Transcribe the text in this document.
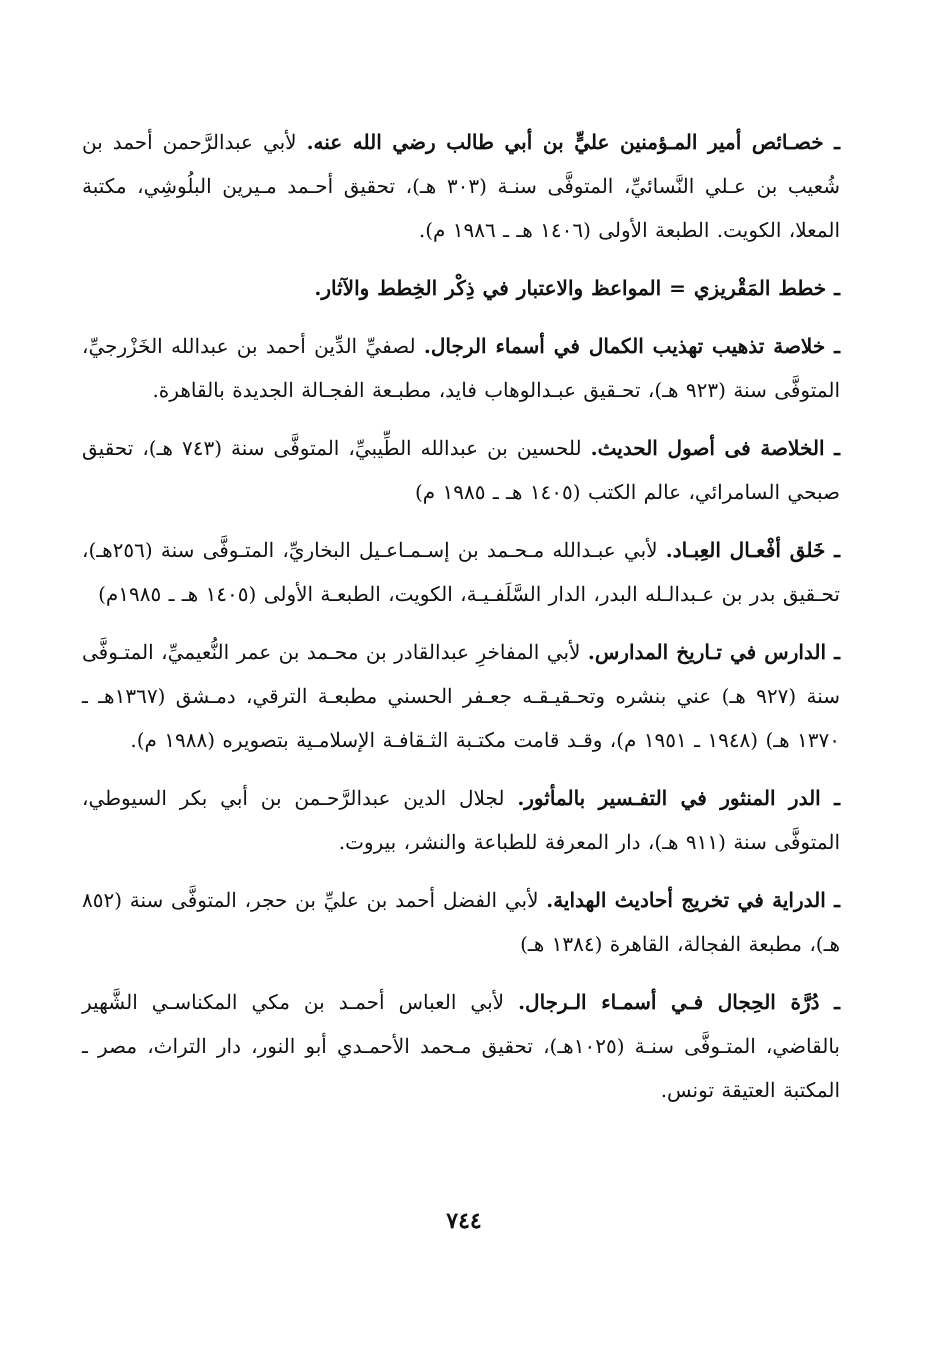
ـ خصـائص أمير المـؤمنين عليٍّ بن أبي طالب رضي الله عنه. لأبي عبدالرَّحمن أحمد بن شُعيب بن عـلي النَّسائيِّ، المتوفَّى سنـة (٣٠٣ هـ)، تحقيق أحـمد مـيرين البلُوشِي، مكتبة المعلا، الكويت. الطبعة الأولى (١٤٠٦ هـ ـ ١٩٨٦ م).

ـ خطط المَقْريزي = المواعظ والاعتبار في ذِكْر الخِطط والآثار.

ـ خلاصة تذهيب تهذيب الكمال في أسماء الرجال. لصفيِّ الدِّين أحمد بن عبدالله الخَزْرجيِّ، المتوفَّى سنة (٩٢٣ هـ)، تحـقيق عبـدالوهاب فايد، مطبـعة الفجـالة الجديدة بالقاهرة.

ـ الخلاصة فى أصول الحديث. للحسين بن عبدالله الطِّيبيِّ، المتوفَّى سنة (٧٤٣ هـ)، تحقيق صبحي السامرائي، عالم الكتب (١٤٠٥ هـ ـ ١٩٨٥ م)

ـ خَلق أفْعـال العِبـاد. لأبي عبـدالله مـحـمد بن إسـمـاعـيل البخاريِّ، المتـوفَّى سنة (٢٥٦هـ)، تحـقيق بدر بن عـبدالـله البدر، الدار السَّلَفـيـة، الكويت، الطبعـة الأولى (١٤٠٥ هـ ـ ١٩٨٥م)

ـ الدارس في تـاريخ المدارس. لأبي المفاخرِ عبدالقادر بن محـمد بن عمر النُّعيميِّ، المتـوفَّى سنة (٩٢٧ هـ) عني بنشره وتحـقيـقـه جعـفر الحسني مطبعـة الترقي، دمـشق (١٣٦٧هـ ـ ١٣٧٠ هـ) (١٩٤٨ ـ ١٩٥١ م)، وقـد قامت مكتـبة الثـقافـة الإسلامـية بتصويره (١٩٨٨ م).

ـ الدر المنثور في التفـسير بالمأثور. لجلال الدين عبدالرَّحـمن بن أبي بكر السيوطي، المتوفَّى سنة (٩١١ هـ)، دار المعرفة للطباعة والنشر، بيروت.

ـ الدراية في تخريج أحاديث الهداية. لأبي الفضل أحمد بن عليِّ بن حجر، المتوفَّى سنة (٨٥٢ هـ)، مطبعة الفجالة، القاهرة (١٣٨٤ هـ)

ـ دُرَّة الحِجال فـي أسمـاء الـرجال. لأبي العباس أحمـد بن مكي المكناسـي الشَّهير بالقاضي، المتـوفَّى سنـة (١٠٢٥هـ)، تحقيق مـحمد الأحمـدي أبو النور، دار التراث، مصر ـ المكتبة العتيقة تونس.

٧٤٤
